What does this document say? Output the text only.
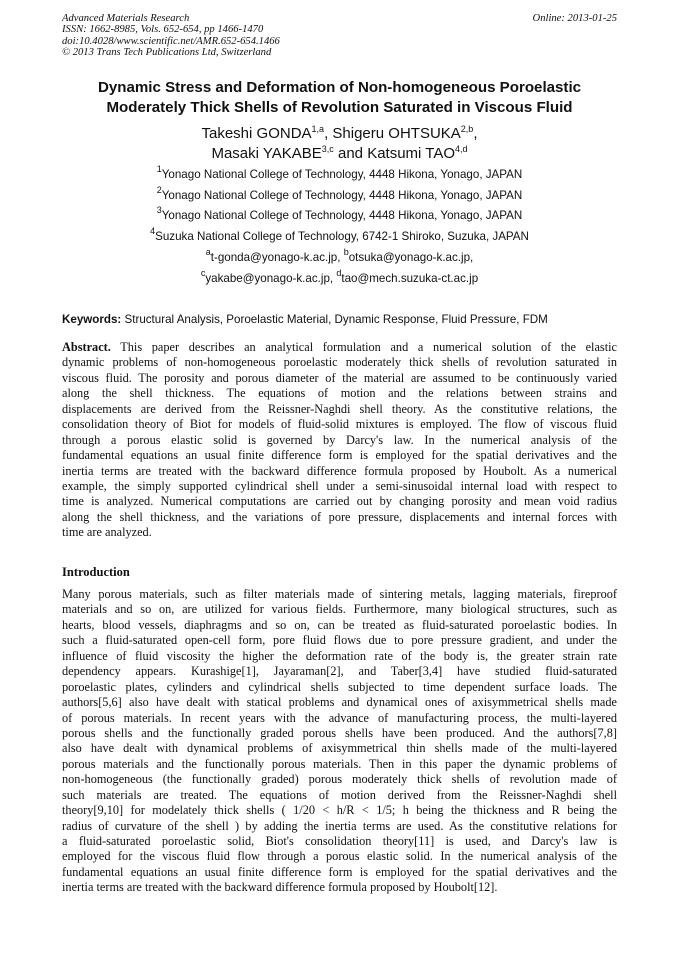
Advanced Materials Research
ISSN: 1662-8985, Vols. 652-654, pp 1466-1470
doi:10.4028/www.scientific.net/AMR.652-654.1466
© 2013 Trans Tech Publications Ltd, Switzerland
Online: 2013-01-25
Dynamic Stress and Deformation of Non-homogeneous Poroelastic
Moderately Thick Shells of Revolution Saturated in Viscous Fluid
Takeshi GONDA$^{1,a}$, Shigeru OHTSUKA$^{2,b}$,
Masaki YAKABE$^{3,c}$ and Katsumi TAO$^{4,d}$
$^1$Yonago National College of Technology, 4448 Hikona, Yonago, JAPAN
$^2$Yonago National College of Technology, 4448 Hikona, Yonago, JAPAN
$^3$Yonago National College of Technology, 4448 Hikona, Yonago, JAPAN
$^4$Suzuka National College of Technology, 6742-1 Shiroko, Suzuka, JAPAN
$^a$t-gonda@yonago-k.ac.jp, $^b$otsuka@yonago-k.ac.jp,
$^c$yakabe@yonago-k.ac.jp, $^d$tao@mech.suzuka-ct.ac.jp
Keywords: Structural Analysis, Poroelastic Material, Dynamic Response, Fluid Pressure, FDM
Abstract. This paper describes an analytical formulation and a numerical solution of the elastic
dynamic problems of non-homogeneous poroelastic moderately thick shells of revolution saturated in
viscous fluid. The porosity and porous diameter of the material are assumed to be continuously varied
along the shell thickness. The equations of motion and the relations between strains and
displacements are derived from the Reissner-Naghdi shell theory. As the constitutive relations, the
consolidation theory of Biot for models of fluid-solid mixtures is employed. The flow of viscous fluid
through a porous elastic solid is governed by Darcy's law. In the numerical analysis of the
fundamental equations an usual finite difference form is employed for the spatial derivatives and the
inertia terms are treated with the backward difference formula proposed by Houbolt. As a numerical
example, the simply supported cylindrical shell under a semi-sinusoidal internal load with respect to
time is analyzed. Numerical computations are carried out by changing porosity and mean void radius
along the shell thickness, and the variations of pore pressure, displacements and internal forces with
time are analyzed.
Introduction
Many porous materials, such as filter materials made of sintering metals, lagging materials, fireproof
materials and so on, are utilized for various fields. Furthermore, many biological structures, such as
hearts, blood vessels, diaphragms and so on, can be treated as fluid-saturated poroelastic bodies. In
such a fluid-saturated open-cell form, pore fluid flows due to pore pressure gradient, and under the
influence of fluid viscosity the higher the deformation rate of the body is, the greater strain rate
dependency appears. Kurashige[1], Jayaraman[2], and Taber[3,4] have studied fluid-saturated
poroelastic plates, cylinders and cylindrical shells subjected to time dependent surface loads. The
authors[5,6] also have dealt with statical problems and dynamical ones of axisymmetrical shells made
of porous materials. In recent years with the advance of manufacturing process, the multi-layered
porous shells and the functionally graded porous shells have been produced. And the authors[7,8]
also have dealt with dynamical problems of axisymmetrical thin shells made of the multi-layered
porous materials and the functionally porous materials. Then in this paper the dynamic problems of
non-homogeneous (the functionally graded) porous moderately thick shells of revolution made of
such materials are treated. The equations of motion derived from the Reissner-Naghdi shell
theory[9,10] for modelately thick shells ( 1/20 < h/R < 1/5; h being the thickness and R being the
radius of curvature of the shell ) by adding the inertia terms are used. As the constitutive relations for
a fluid-saturated poroelastic solid, Biot's consolidation theory[11] is used, and Darcy's law is
employed for the viscous fluid flow through a porous elastic solid. In the numerical analysis of the
fundamental equations an usual finite difference form is employed for the spatial derivatives and the
inertia terms are treated with the backward difference formula proposed by Houbolt[12].
